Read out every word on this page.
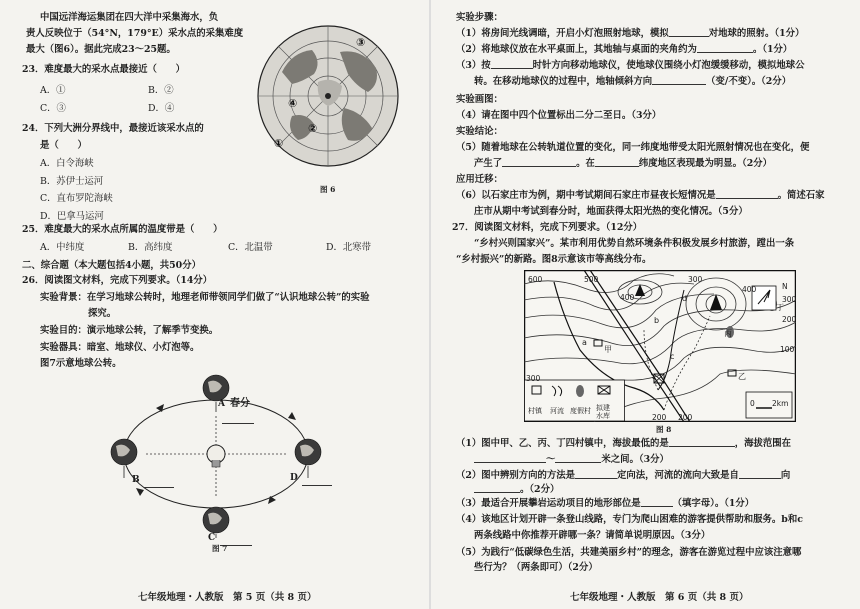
中国远洋海运集团在四大洋中采集海水，负
责人反映位于（54°N，179°E）采水点的采集难度
最大（图6）。据此完成23～25题。
23．难度最大的采水点最接近（　　）
A．①	B．②
C．③	D．④
24．下列大洲分界线中，最接近该采水点的
是（　　）
A．白令海峡
B．苏伊士运河
C．直布罗陀海峡
D．巴拿马运河
25．难度最大的采水点所属的温度带是（　　）
A．中纬度	B．高纬度	C．北温带	D．北寒带
二、综合题（本大题包括4小题，共50分）
26．阅读图文材料，完成下列要求。（14分）
实验背景：在学习地球公转时，地理老师带领同学们做了“认识地球公转”的实验
探究。
实验目的：演示地球公转，了解季节变换。
实验器具：暗室、地球仪、小灯泡等。
图7示意地球公转。
①
②
③
④
图 6
A 春分
B
C
D
图 7
七年级地理・人教版　第 5 页（共 8 页）
实验步骤：
（1）将房间光线调暗，开启小灯泡照射地球，模拟	对地球的照射。（1分）
（2）将地球仪放在水平桌面上，其地轴与桌面的夹角约为	。（1分）
（3）按	时针方向移动地球仪，使地球仪围绕小灯泡缓缓移动，模拟地球公
转。在移动地球仪的过程中，地轴倾斜方向	（变/不变）。（2分）
实验画图：
（4）请在图中四个位置标出二分二至日。（3分）
实验结论：
（5）随着地球在公转轨道位置的变化，同一纬度地带受太阳光照射情况也在变化，便
产生了	。在	纬度地区表现最为明显。（2分）
应用迁移：
（6）以石家庄市为例，期中考试期间石家庄市昼夜长短情况是	。简述石家
庄市从期中考试到春分时，地面获得太阳光热的变化情况。（5分）
27．阅读图文材料，完成下列要求。（12分）
“乡村兴则国家兴”。某市利用优势自然环境条件积极发展乡村旅游，蹚出一条
“乡村振兴”的新路。图8示意该市等高线分布。
600	500
400
300
300
200 200
400
300
200
100
甲
乙
丙
丁
a
b
c
d
N
0 2km
村镇 河流 度假村 拟建水库
图 8
（1）图中甲、乙、丙、丁四村镇中，海拔最低的是	，海拔范围在
～	米之间。（3分）
（2）图中辨别方向的方法是	定向法，河流的流向大致是自	向
。（2分）
（3）最适合开展攀岩运动项目的地形部位是	（填字母）。（1分）
（4）该地区计划开辟一条登山线路，专门为爬山困难的游客提供帮助和服务。b和c
两条线路中你推荐开辟哪一条？请简单说明原因。（3分）
（5）为践行“低碳绿色生活，共建美丽乡村”的理念，游客在游览过程中应该注意哪
些行为？（两条即可）（2分）
七年级地理・人教版　第 6 页（共 8 页）
